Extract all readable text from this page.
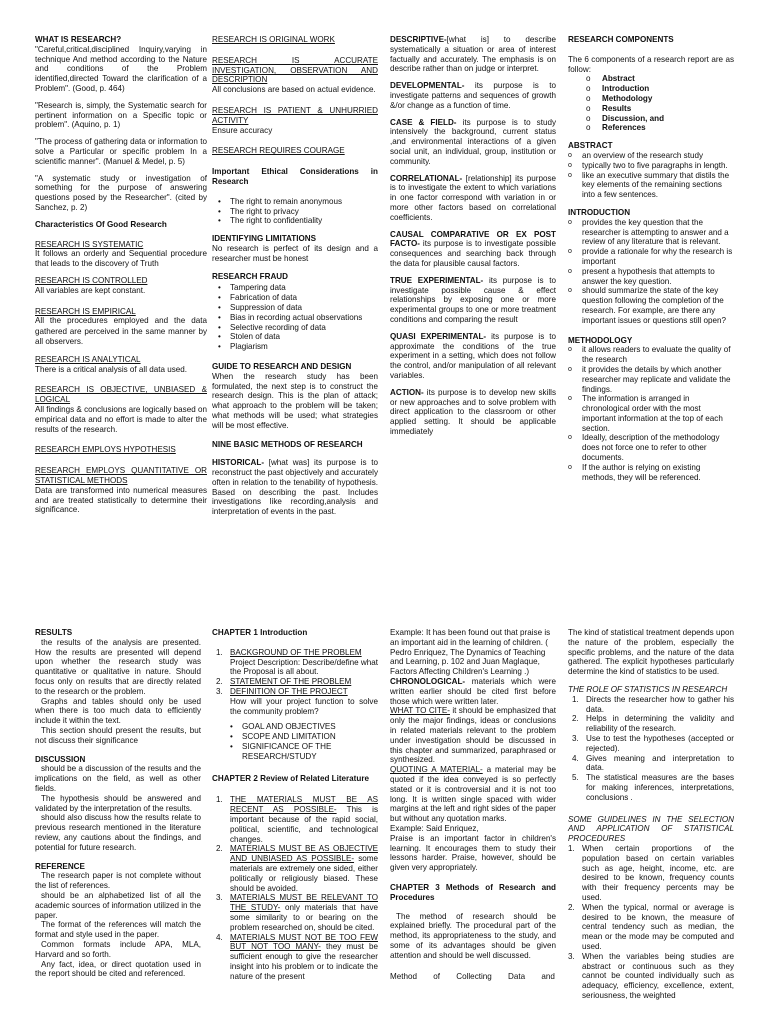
WHAT IS RESEARCH?

"Careful,critical,disciplined Inquiry,varying in technique And method according to the Nature and conditions of the Problem identified,directed Toward the clarification of a Problem". (Good, p. 464)

"Research is, simply, the Systematic search for pertinent information on a Specific topic or problem". (Aquino, p. 1)

"The process of gathering data or information to solve a Particular or specific problem In a scientific manner". (Manuel & Medel, p. 5)

"A systematic study or investigation of something for the purpose of answering questions posed by the Researcher". (cited by Sanchez, p. 2)

Characteristics Of Good Research

RESEARCH IS SYSTEMATIC

It follows an orderly and Sequential procedure that leads to the discovery of Truth

RESEARCH IS CONTROLLED

All variables are kept constant.

RESEARCH IS EMPIRICAL

All the procedures employed and the data gathered are perceived in the same manner by all observers.

RESEARCH IS ANALYTICAL

There is a critical analysis of all data used.

RESEARCH IS OBJECTIVE, UNBIASED & LOGICAL

All findings & conclusions are logically based on empirical data and no effort is made to alter the results of the research.

RESEARCH EMPLOYS HYPOTHESIS

RESEARCH EMPLOYS QUANTITATIVE OR STATISTICAL METHODS

Data are transformed into numerical measures and are treated statistically to determine their significance.

RESEARCH IS ORIGINAL WORK

RESEARCH IS ACCURATE INVESTIGATION, OBSERVATION AND DESCRIPTION

All conclusions are based on actual evidence.

RESEARCH IS PATIENT & UNHURRIED ACTIVITY

Ensure accuracy

RESEARCH REQUIRES COURAGE

Important Ethical Considerations in Research

• The right to remain anonymous
• The right to privacy
• The right to confidentiality

IDENTIFYING LIMITATIONS

No research is perfect of its design and a researcher must be honest

RESEARCH FRAUD

• Tampering data
• Fabrication of data
• Suppression of data
• Bias in recording actual observations
• Selective recording of data
• Stolen of data
• Plagiarism

GUIDE TO RESEARCH AND DESIGN

When the research study has been formulated, the next step is to construct the research design. This is the plan of attack; what approach to the problem will be taken; what methods will be used; what strategies will be most effective.

NINE BASIC METHODS OF RESEARCH

HISTORICAL- [what was] its purpose is to reconstruct the past objectively and accurately often in relation to the tenability of hypothesis. Based on describing the past. Includes investigations like recording,analysis and interpretation of events in the past.

DESCRIPTIVE-[what is] to describe systematically a situation or area of interest factually and accurately. The emphasis is on describe rather than on judge or interpret.

DEVELOPMENTAL- its purpose is to investigate patterns and sequences of growth &/or change as a function of time.

CASE & FIELD- its purpose is to study intensively the background, current status ,and environmental interactions of a given social unit, an individual, group, institution or community.

CORRELATIONAL- [relationship] its purpose is to investigate the extent to which variations in one factor correspond with variation in or more other factors based on correlational coefficients.

CAUSAL COMPARATIVE OR EX POST FACTO- its purpose is to investigate possible consequences and searching back through the data for plausible causal factors.

TRUE EXPERIMENTAL- its purpose is to investigate possible cause & effect relationships by exposing one or more experimental groups to one or more treatment conditions and comparing the result

QUASI EXPERIMENTAL- its purpose is to approximate the conditions of the true experiment in a setting, which does not follow the control, and/or manipulation of all relevant variables.

ACTION- its purpose is to develop new skills or new approaches and to solve problem with direct application to the classroom or other applied setting. It should be applicable immediately

RESEARCH COMPONENTS

The 6 components of a research report are as follow:

o Abstract
o Introduction
o Methodology
o Results
o Discussion, and
o References

ABSTRACT

o an overview of the research study
o typically two to five paragraphs in length.
o like an executive summary that distils the key elements of the remaining sections into a few sentences.

INTRODUCTION

o provides the key question that the researcher is attempting to answer and a review of any literature that is relevant.
o provide a rationale for why the research is important
o present a hypothesis that attempts to answer the key question.
o should summarize the state of the key question following the completion of the research. For example, are there any important issues or questions still open?

METHODOLOGY

o it allows readers to evaluate the quality of the research
o it provides the details by which another researcher may replicate and validate the findings.
o The information is arranged in chronological order with the most important information at the top of each section.
o Ideally, description of the methodology does not force one to refer to other documents.
o If the author is relying on existing methods, they will be referenced.

RESULTS

the results of the analysis are presented. How the results are presented will depend upon whether the research study was quantitative or qualitative in nature. Should focus only on results that are directly related to the research or the problem.

Graphs and tables should only be used when there is too much data to efficiently include it within the text.

This section should present the results, but not discuss their significance

DISCUSSION

should be a discussion of the results and the implications on the field, as well as other fields.

The hypothesis should be answered and validated by the interpretation of the results.

should also discuss how the results relate to previous research mentioned in the literature review, any cautions about the findings, and potential for future research.

REFERENCE

The research paper is not complete without the list of references.

should be an alphabetized list of all the academic sources of information utilized in the paper.

The format of the references will match the format and style used in the paper.

Common formats include APA, MLA, Harvard and so forth.

Any fact, idea, or direct quotation used in the report should be cited and referenced.

CHAPTER 1 Introduction

1. BACKGROUND OF THE PROBLEM
Project Description: Describe/define what the Proposal is all about.
2. STATEMENT OF THE PROBLEM
3. DEFINITION OF THE PROJECT
How will your project function to solve the community problem?
• GOAL AND OBJECTIVES
• SCOPE AND LIMITATION
• SIGNIFICANCE OF THE RESEARCH/STUDY

CHAPTER 2 Review of Related Literature

1. THE MATERIALS MUST BE AS RECENT AS POSSIBLE- This is important because of the rapid social, political, scientific, and technological changes.
2. MATERIALS MUST BE AS OBJECTIVE AND UNBIASED AS POSSIBLE- some materials are extremely one sided, either politically or religiously biased. These should be avoided.
3. MATERIALS MUST BE RELEVANT TO THE STUDY- only materials that have some similarity to or bearing on the problem researched on, should be cited.
4. MATERIALS MUST NOT BE TOO FEW BUT NOT TOO MANY- they must be sufficient enough to give the researcher insight into his problem or to indicate the nature of the present

Example: It has been found out that praise is an important aid in the learning of children. ( Pedro Enriquez, The Dynamics of Teaching and Learning, p. 102 and Juan Maglaque, Factors Affecting Children's Learning .)

CHRONOLOGICAL- materials which were written earlier should be cited first before those which were written later.

WHAT TO CITE- it should be emphasized that only the major findings, ideas or conclusions in related materials relevant to the problem under investigation should be discussed in this chapter and summarized, paraphrased or synthesized.

QUOTING A MATERIAL- a material may be quoted if the idea conveyed is so perfectly stated or it is controversial and it is not too long. It is written single spaced with wider margins at the left and right sides of the paper but without any quotation marks.

Example: Said Enriquez,

Praise is an important factor in children's learning. It encourages them to study their lessons harder. Praise, however, should be given very appropriately.

CHAPTER 3 Methods of Research and Procedures

The method of research should be explained briefly. The procedural part of the method, its appropriateness to the study, and some of its advantages should be given attention and should be well discussed.

Method of Collecting Data and

The kind of statistical treatment depends upon the nature of the problem, especially the specific problems, and the nature of the data gathered. The explicit hypotheses particularly determine the kind of statistics to be used.

THE ROLE OF STATISTICS IN RESEARCH

1. Directs the researcher how to gather his data.
2. Helps in determining the validity and reliability of the research.
3. Use to test the hypotheses (accepted or rejected).
4. Gives meaning and interpretation to data.
5. The statistical measures are the bases for making inferences, interpretations, conclusions .

SOME GUIDELINES IN THE SELECTION AND APPLICATION OF STATISTICAL PROCEDURES

1. When certain proportions of the population based on certain variables such as age, height, income, etc. are desired to be known, frequency counts with their frequency percents may be used.
2. When the typical, normal or average is desired to be known, the measure of central tendency such as median, the mean or the mode may be computed and used.
3. When the variables being studies are abstract or continuous such as they cannot be counted individually such as adequacy, efficiency, excellence, extent, seriousness, the weighted
